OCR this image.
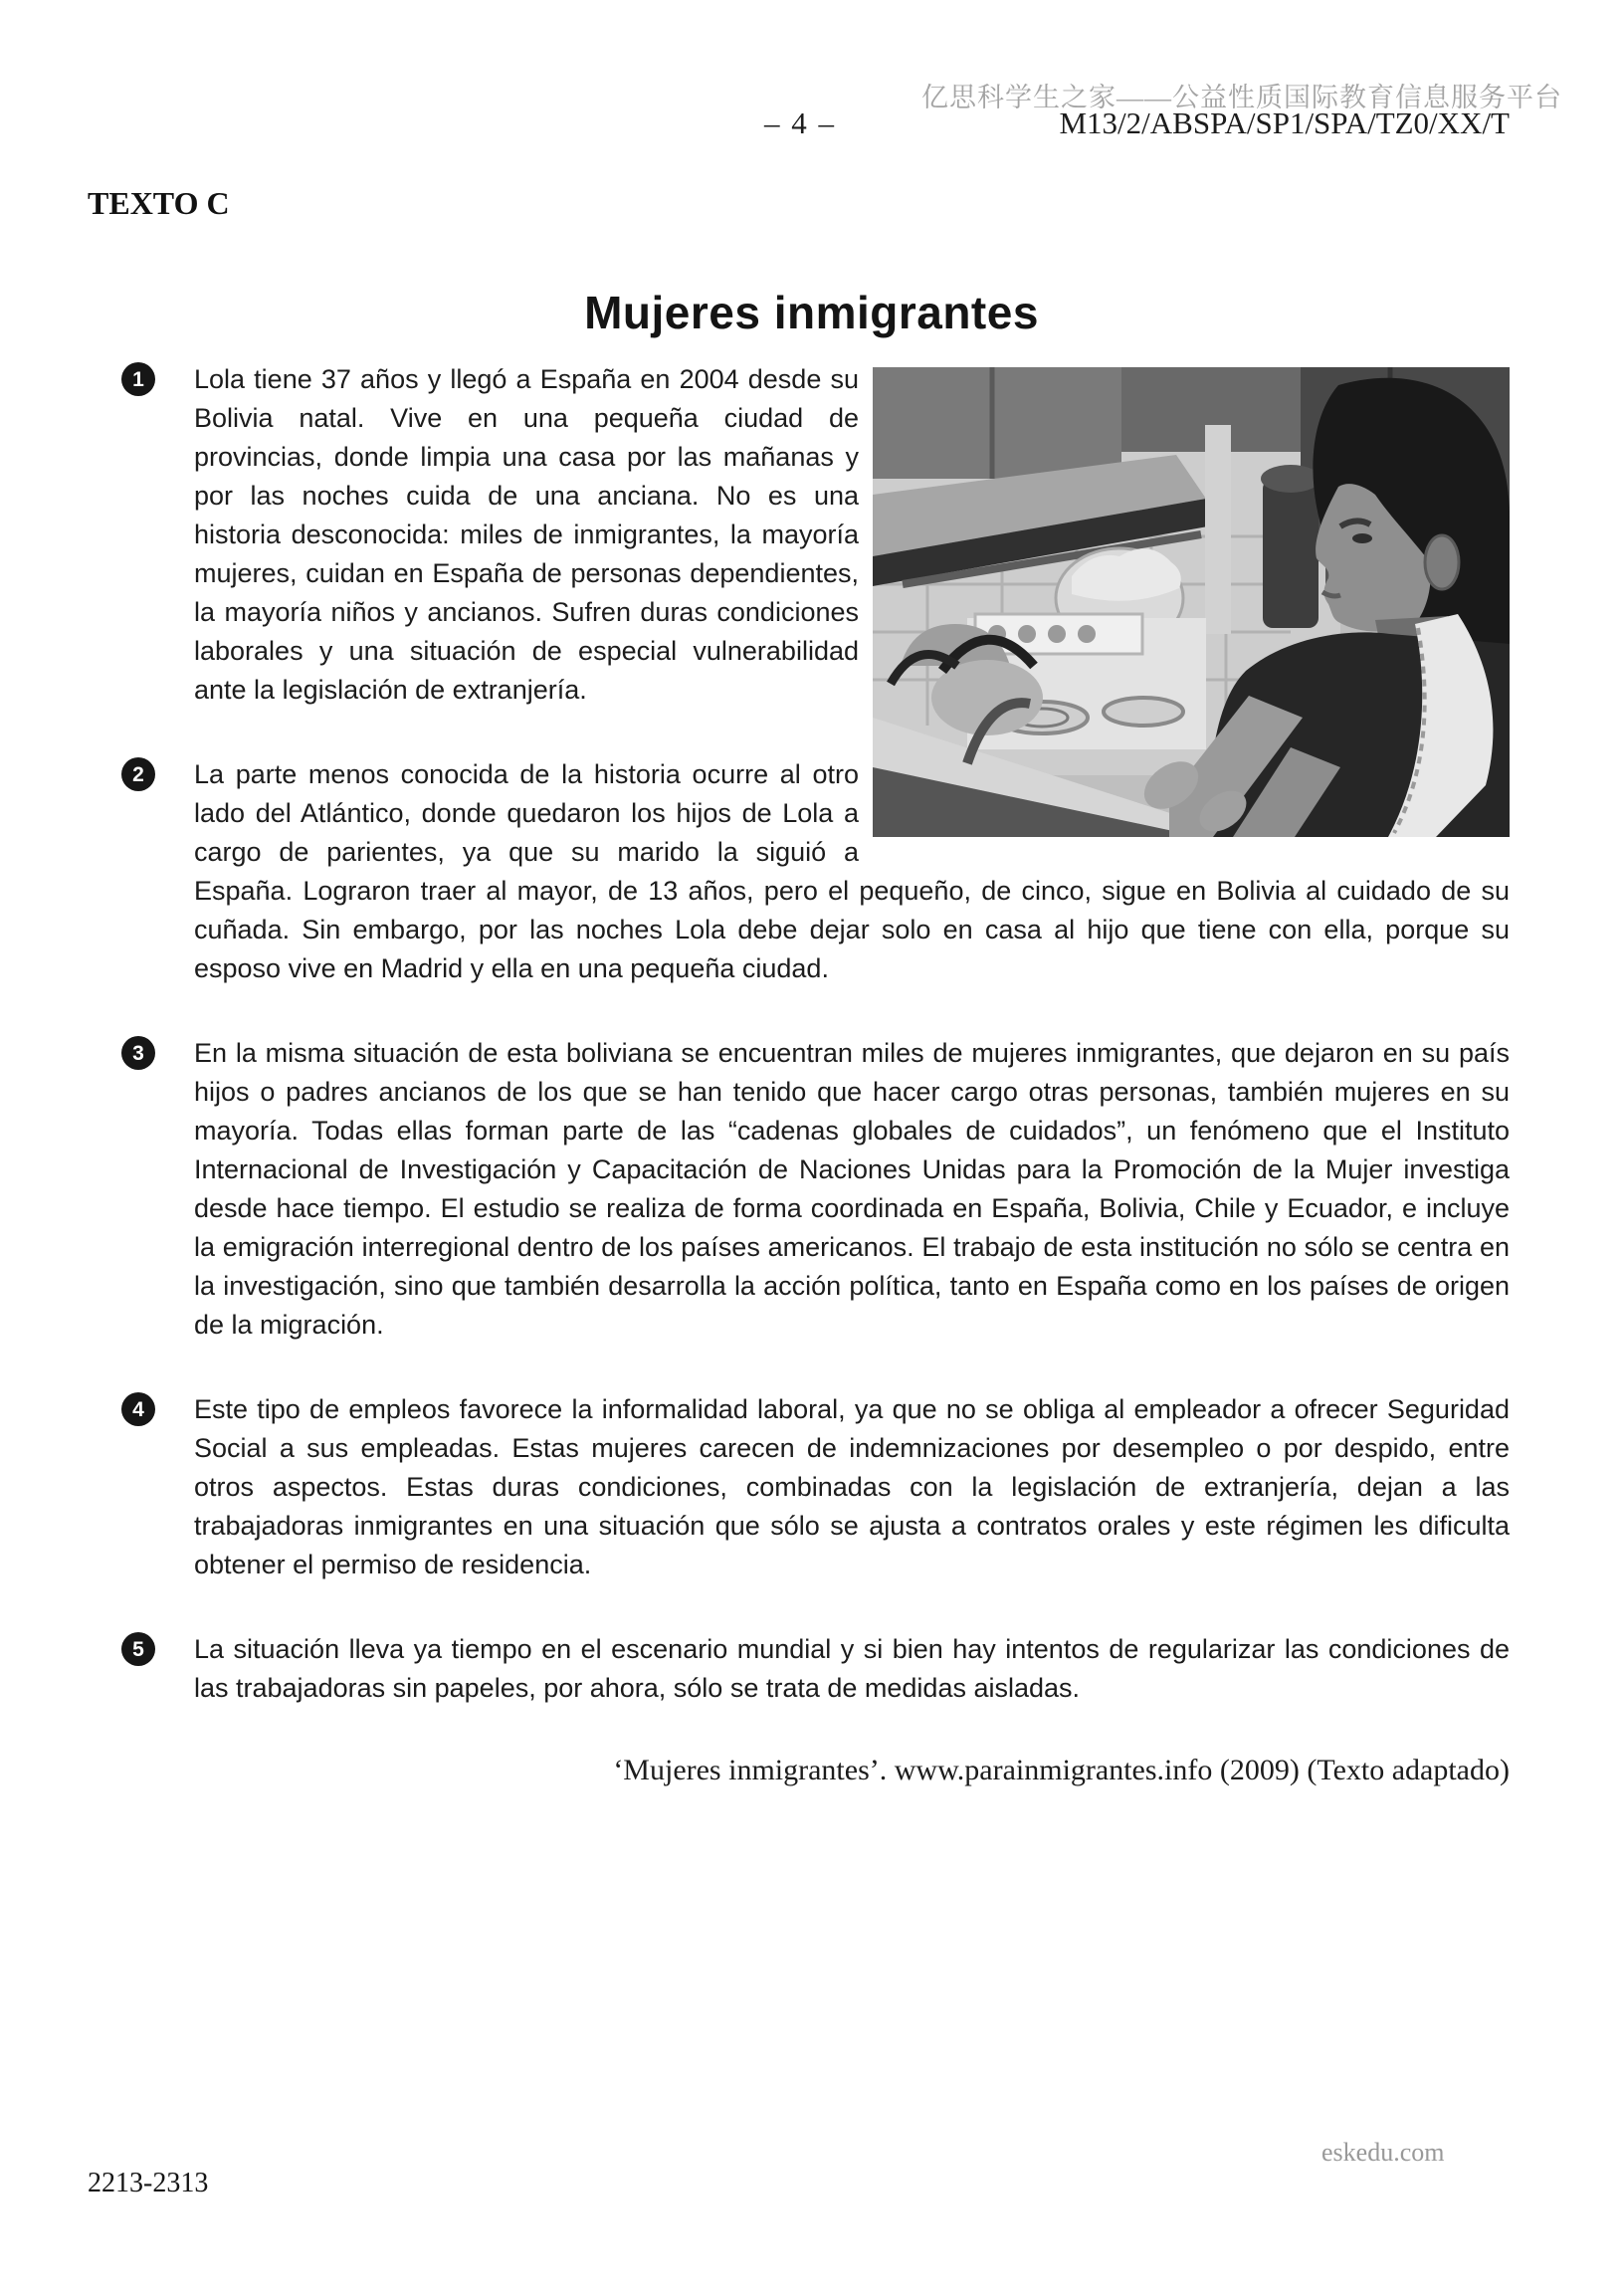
亿思科学生之家——公益性质国际教育信息服务平台
– 4 –	M13/2/ABSPA/SP1/SPA/TZ0/XX/T
TEXTO C
Mujeres inmigrantes
1	Lola tiene 37 años y llegó a España en 2004 desde su Bolivia natal. Vive en una pequeña ciudad de provincias, donde limpia una casa por las mañanas y por las noches cuida de una anciana. No es una historia desconocida: miles de inmigrantes, la mayoría mujeres, cuidan en España de personas dependientes, la mayoría niños y ancianos. Sufren duras condiciones laborales y una situación de especial vulnerabilidad ante la legislación de extranjería.
2	La parte menos conocida de la historia ocurre al otro lado del Atlántico, donde quedaron los hijos de Lola a cargo de parientes, ya que su marido la siguió a España. Lograron traer al mayor, de 13 años, pero el pequeño, de cinco, sigue en Bolivia al cuidado de su cuñada. Sin embargo, por las noches Lola debe dejar solo en casa al hijo que tiene con ella, porque su esposo vive en Madrid y ella en una pequeña ciudad.
3	En la misma situación de esta boliviana se encuentran miles de mujeres inmigrantes, que dejaron en su país hijos o padres ancianos de los que se han tenido que hacer cargo otras personas, también mujeres en su mayoría. Todas ellas forman parte de las “cadenas globales de cuidados”, un fenómeno que el Instituto Internacional de Investigación y Capacitación de Naciones Unidas para la Promoción de la Mujer investiga desde hace tiempo. El estudio se realiza de forma coordinada en España, Bolivia, Chile y Ecuador, e incluye la emigración interregional dentro de los países americanos. El trabajo de esta institución no sólo se centra en la investigación, sino que también desarrolla la acción política, tanto en España como en los países de origen de la migración.
4	Este tipo de empleos favorece la informalidad laboral, ya que no se obliga al empleador a ofrecer Seguridad Social a sus empleadas. Estas mujeres carecen de indemnizaciones por desempleo o por despido, entre otros aspectos. Estas duras condiciones, combinadas con la legislación de extranjería, dejan a las trabajadoras inmigrantes en una situación que sólo se ajusta a contratos orales y este régimen les dificulta obtener el permiso de residencia.
5	La situación lleva ya tiempo en el escenario mundial y si bien hay intentos de regularizar las condiciones de las trabajadoras sin papeles, por ahora, sólo se trata de medidas aisladas.
‘Mujeres inmigrantes’. www.parainmigrantes.info (2009) (Texto adaptado)
2213-2313
eskedu.com
